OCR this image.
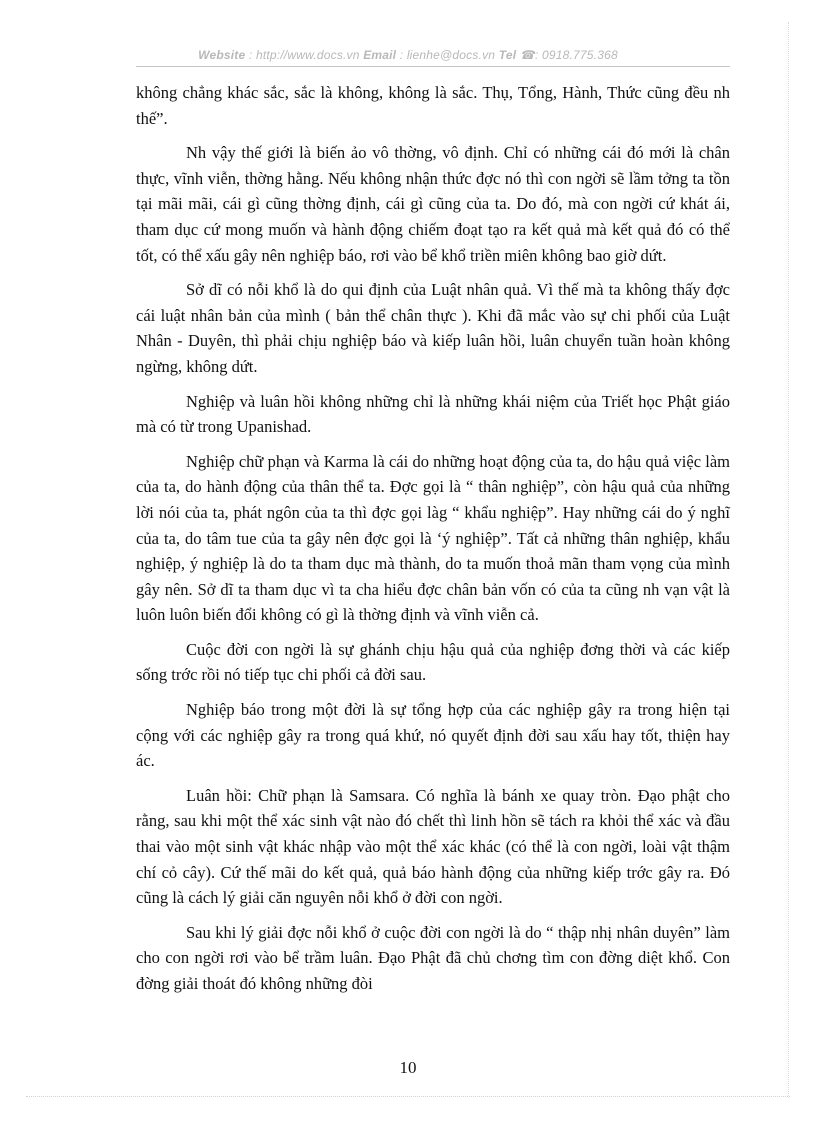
Website : http://www.docs.vn Email : lienhe@docs.vn Tel ☎: 0918.775.368

không chẳng khác sắc, sắc là không, không là sắc. Thụ, Tổng, Hành, Thức cũng đều nh thế”.

Nh vậy thế giới là biến ảo vô thờng, vô định. Chỉ có những cái đó mới là chân thực, vĩnh viễn, thờng hằng. Nếu không nhận thức đợc nó thì con ngời sẽ lầm tởng ta tồn tại mãi mãi, cái gì cũng thờng định, cái gì cũng của ta. Do đó, mà con ngời cứ khát ái, tham dục cứ mong muốn và hành động chiếm đoạt tạo ra kết quả mà kết quả đó có thể tốt, có thể xấu gây nên nghiệp báo, rơi vào bể khổ triền miên không bao giờ dứt.

Sở dĩ có nỗi khổ là do qui định của Luật nhân quả. Vì thế mà ta không thấy đợc cái luật nhân bản của mình ( bản thể chân thực ). Khi đã mắc vào sự chi phối của Luật Nhân - Duyên, thì phải chịu nghiệp báo và kiếp luân hồi, luân chuyển tuần hoàn không ngừng, không dứt.

Nghiệp và luân hồi không những chỉ là những khái niệm của Triết học Phật giáo mà có từ trong Upanishad.

Nghiệp chữ phạn và Karma là cái do những hoạt động của ta, do hậu quả việc làm của ta, do hành động của thân thể ta. Đợc gọi là “ thân nghiệp”, còn hậu quả của những lời nói của ta, phát ngôn của ta thì đợc gọi làg “ khẩu nghiệp”. Hay những cái do ý nghĩ của ta, do tâm tue của ta gây nên đợc gọi là ‘ý nghiệp”. Tất cả những thân nghiệp, khẩu nghiệp, ý nghiệp là do ta tham dục mà thành, do ta muốn thoả mãn tham vọng của mình gây nên. Sở dĩ ta tham dục vì ta cha hiểu đợc chân bản vốn có của ta cũng nh vạn vật là luôn luôn biến đổi không có gì là thờng định và vĩnh viễn cả.

Cuộc đời con ngời là sự ghánh chịu hậu quả của nghiệp đơng thời và các kiếp sống trớc rồi nó tiếp tục chi phối cả đời sau.

Nghiệp báo trong một đời là sự tổng hợp của các nghiệp gây ra trong hiện tại cộng với các nghiệp gây ra trong quá khứ, nó quyết định đời sau xấu hay tốt, thiện hay ác.

Luân hồi: Chữ phạn là Samsara. Có nghĩa là bánh xe quay tròn. Đạo phật cho rằng, sau khi một thể xác sinh vật nào đó chết thì linh hồn sẽ tách ra khỏi thể xác và đầu thai vào một sinh vật khác nhập vào một thể xác khác (có thể là con ngời, loài vật thậm chí cỏ cây). Cứ thế mãi do kết quả, quả báo hành động của những kiếp trớc gây ra. Đó cũng là cách lý giải căn nguyên nỗi khổ ở đời con ngời.

Sau khi lý giải đợc nỗi khổ ở cuộc đời con ngời là do “ thập nhị nhân duyên” làm cho con ngời rơi vào bể trầm luân. Đạo Phật đã chủ chơng tìm con đờng diệt khổ. Con đờng giải thoát đó không những đòi

10
